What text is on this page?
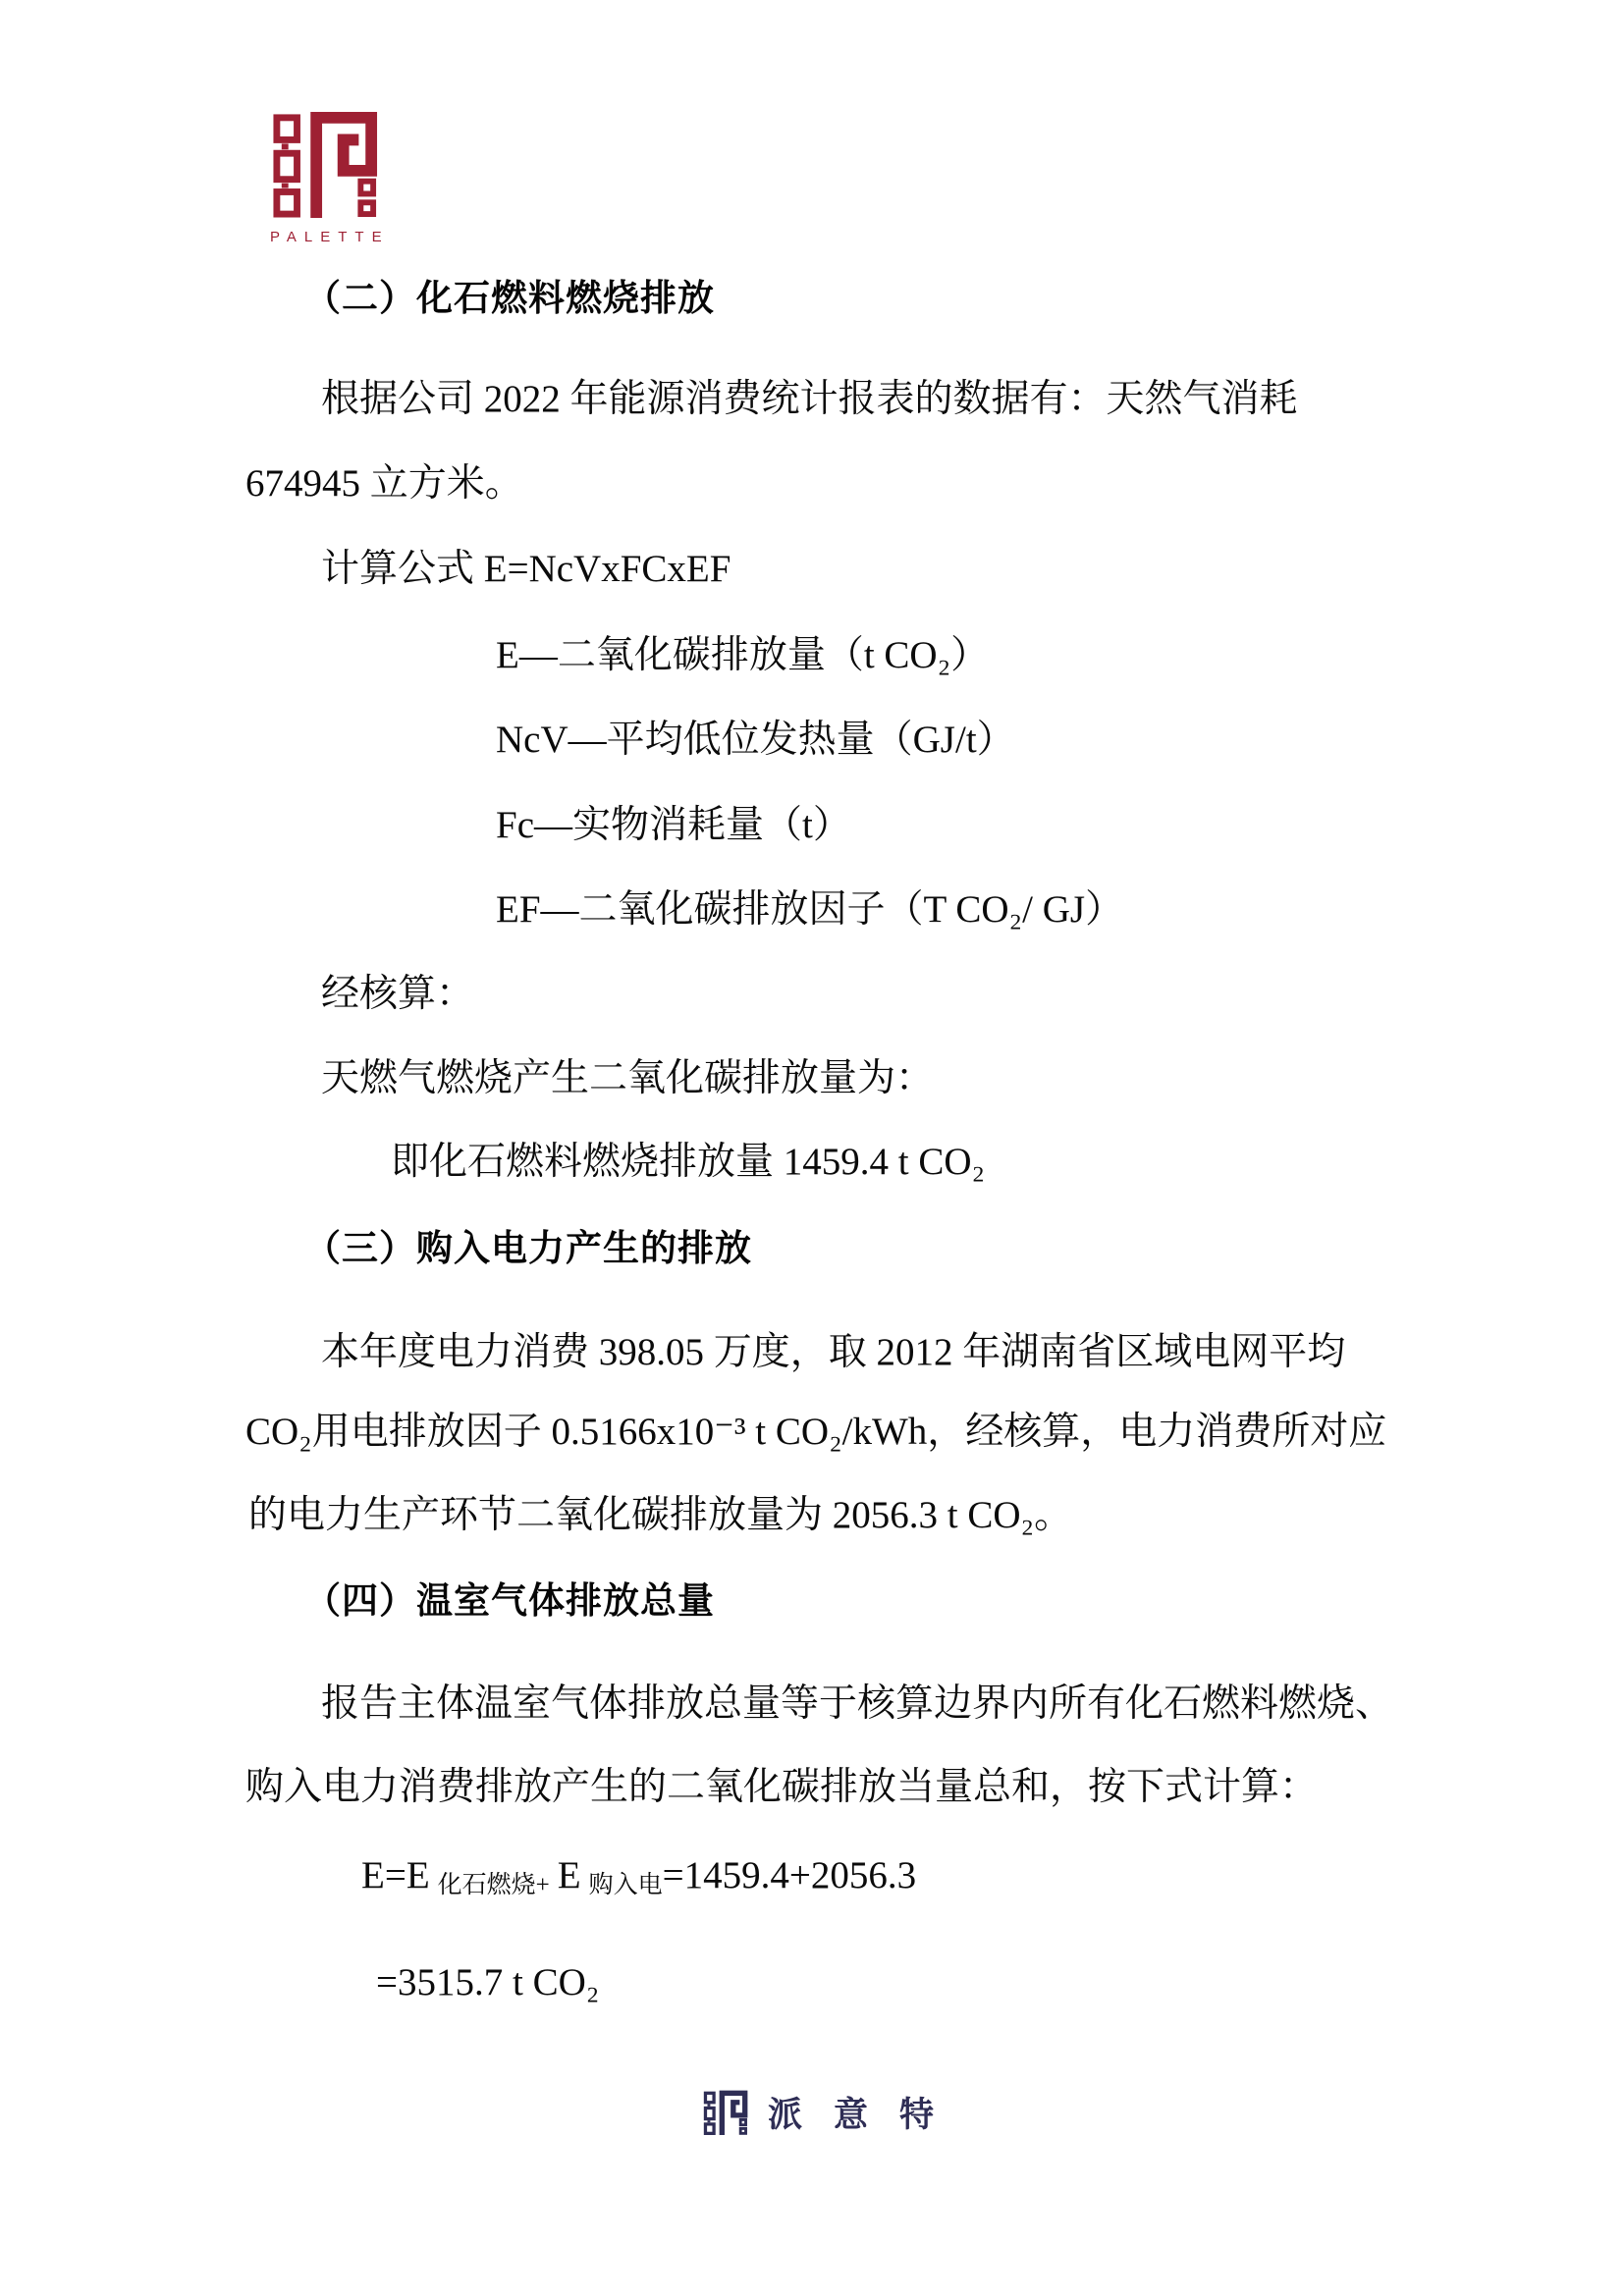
PALETTE
（二）化石燃料燃烧排放
根据公司 2022 年能源消费统计报表的数据有：天然气消耗
674945 立方米。
计算公式 E=NcVxFCxEF
E—二氧化碳排放量（t CO₂）
NcV—平均低位发热量（GJ/t）
Fc—实物消耗量（t）
EF—二氧化碳排放因子（T CO₂/ GJ）
经核算：
天燃气燃烧产生二氧化碳排放量为：
即化石燃料燃烧排放量 1459.4 t CO₂
（三）购入电力产生的排放
本年度电力消费 398.05 万度，取 2012 年湖南省区域电网平均
CO₂用电排放因子 0.5166x10⁻³ t CO₂/kWh，经核算，电力消费所对应
的电力生产环节二氧化碳排放量为 2056.3 t CO₂。
（四）温室气体排放总量
报告主体温室气体排放总量等于核算边界内所有化石燃料燃烧、
购入电力消费排放产生的二氧化碳排放当量总和，按下式计算：
E=E 化石燃烧+ E 购入电=1459.4+2056.3
=3515.7 t CO₂
派意特
